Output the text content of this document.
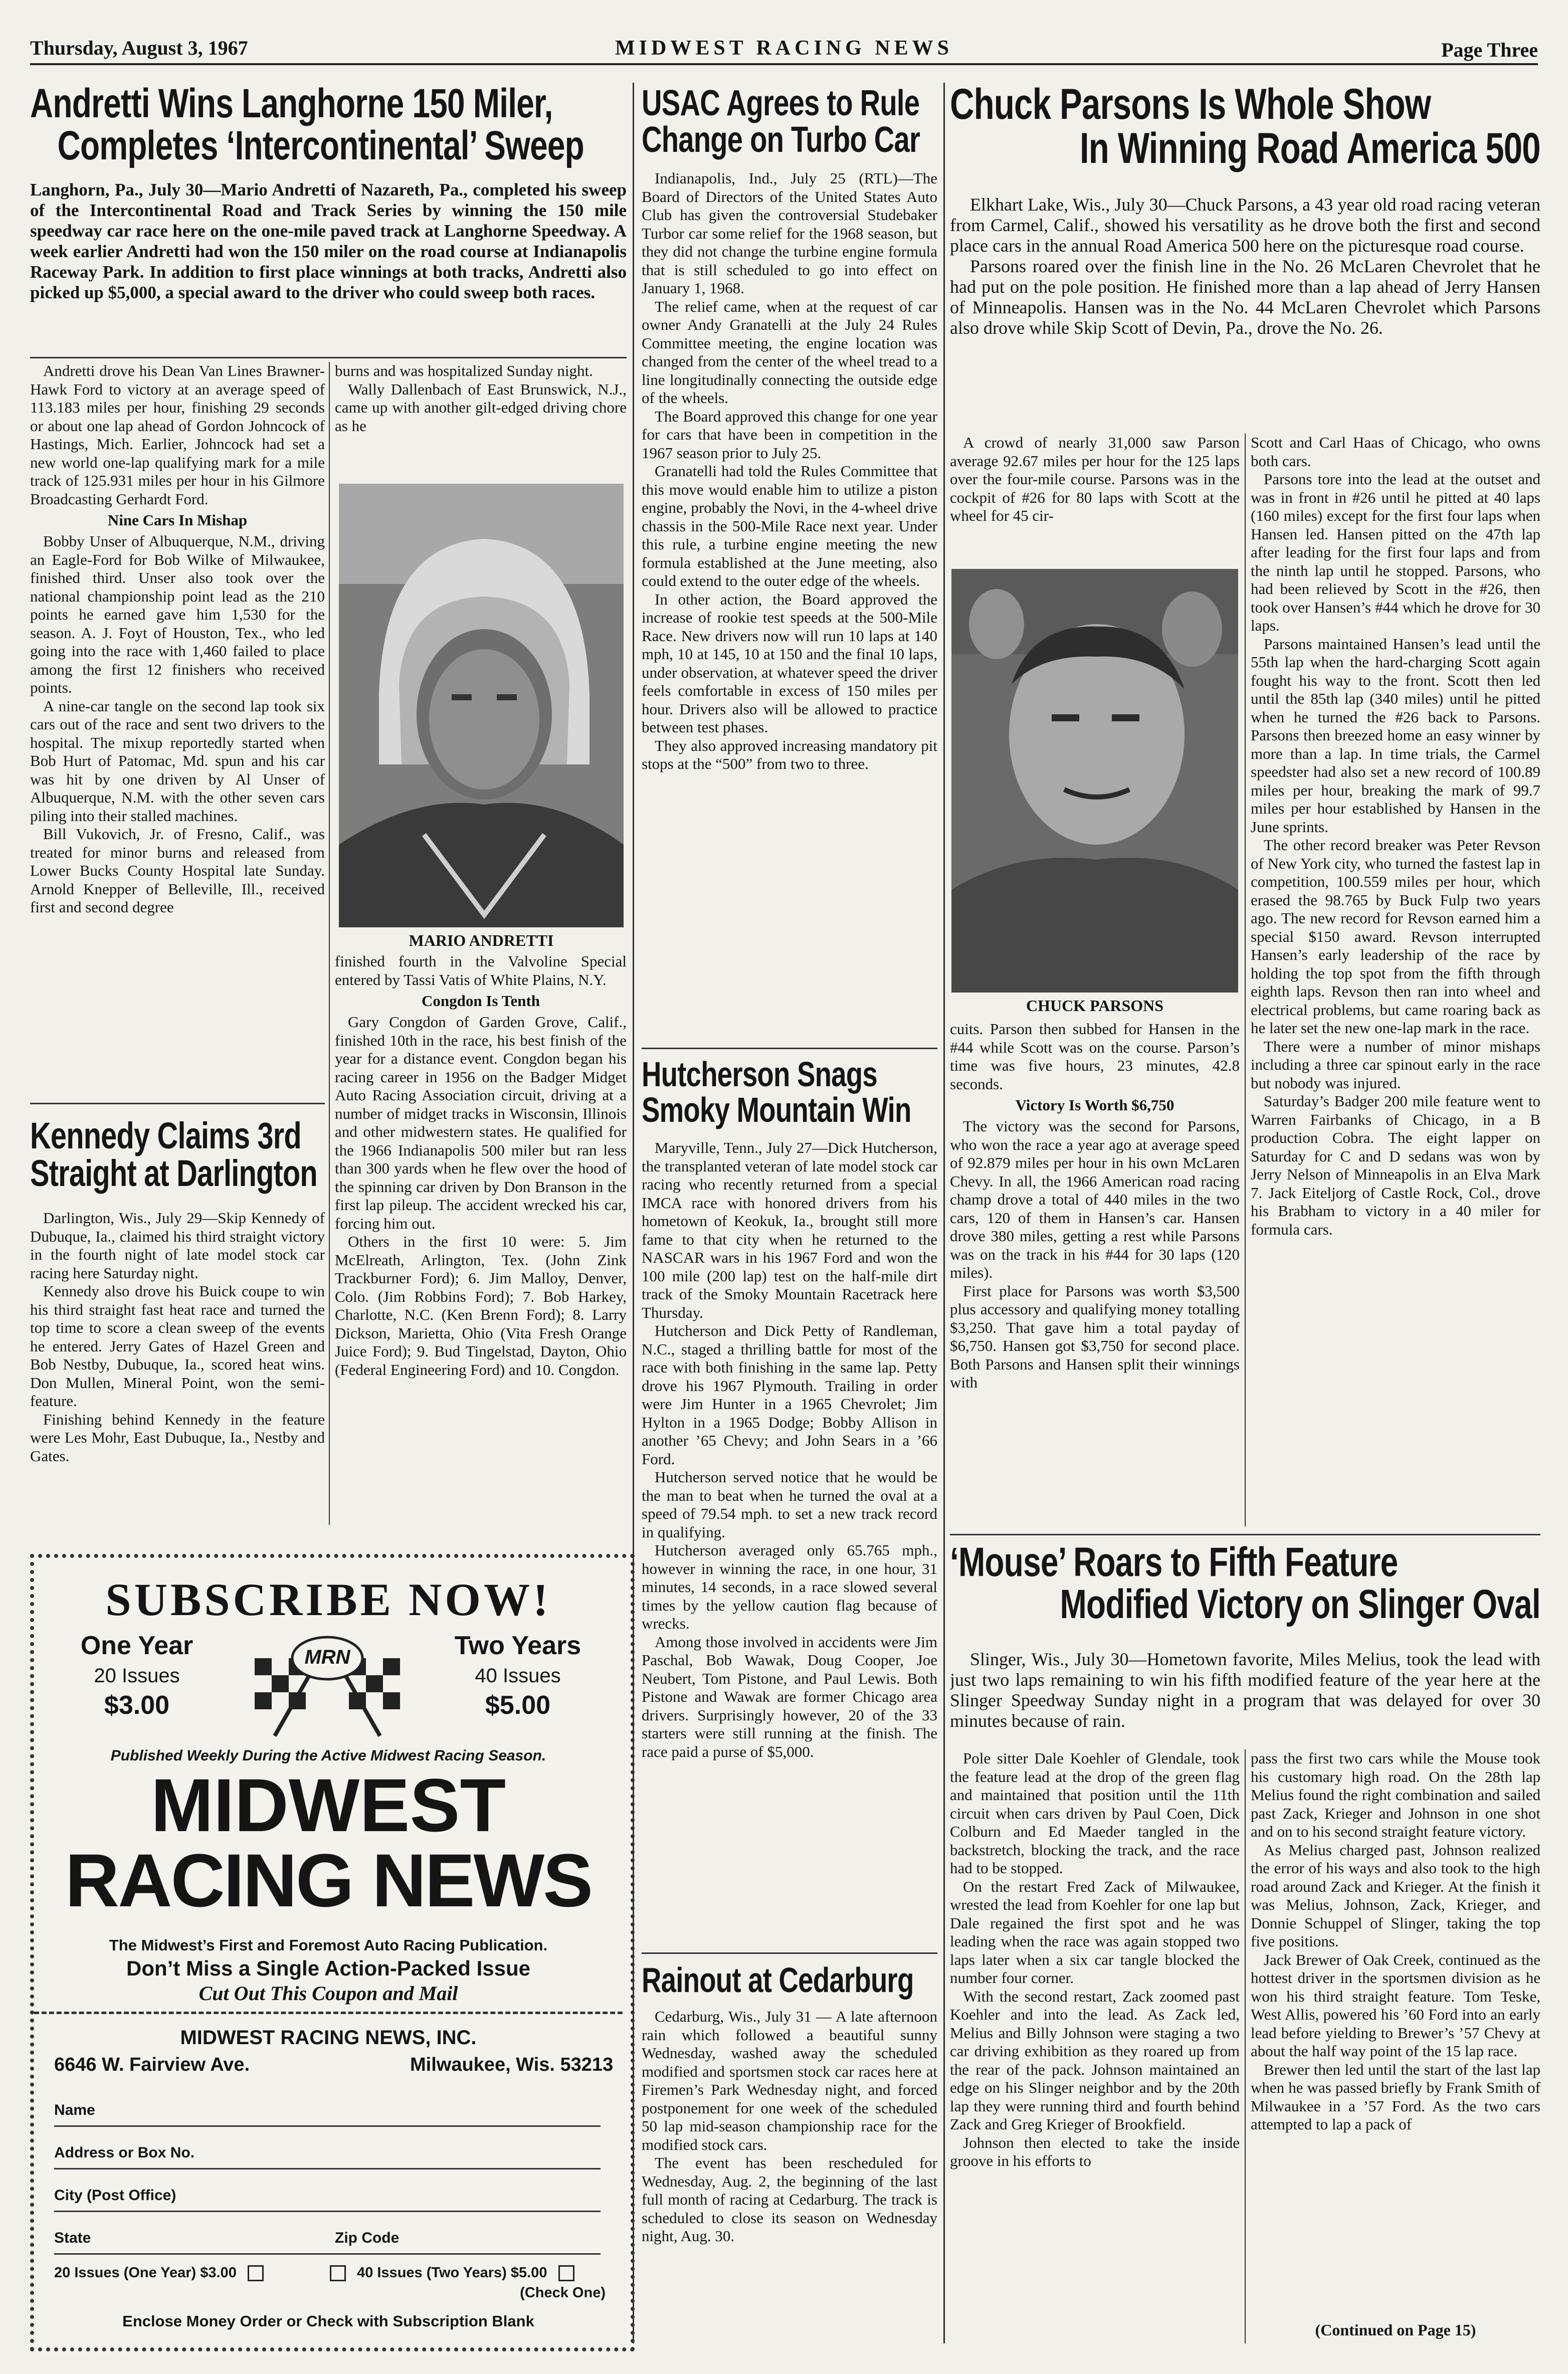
Thursday, August 3, 1967	MIDWEST RACING NEWS	Page Three
Andretti Wins Langhorne 150 Miler,
Completes ‘Intercontinental’ Sweep
Langhorn, Pa., July 30—Mario Andretti of Nazareth, Pa., completed his sweep of the Intercontinental Road and Track Series by winning the 150 mile speedway car race here on the one-mile paved track at Langhorne Speedway. A week earlier Andretti had won the 150 miler on the road course at Indianapolis Raceway Park. In addition to first place winnings at both tracks, Andretti also picked up $5,000, a special award to the driver who could sweep both races.

Andretti drove his Dean Van Lines Brawner-Hawk Ford to victory at an average speed of 113.183 miles per hour, finishing 29 seconds or about one lap ahead of Gordon Johncock of Hastings, Mich. Earlier, Johncock had set a new world one-lap qualifying mark for a mile track of 125.931 miles per hour in his Gilmore Broadcasting Gerhardt Ford.

Nine Cars In Mishap

Bobby Unser of Albuquerque, N.M., driving an Eagle-Ford for Bob Wilke of Milwaukee, finished third. Unser also took over the national championship point lead as the 210 points he earned gave him 1,530 for the season. A. J. Foyt of Houston, Tex., who led going into the race with 1,460 failed to place among the first 12 finishers who received points.

A nine-car tangle on the second lap took six cars out of the race and sent two drivers to the hospital. The mixup reportedly started when Bob Hurt of Patomac, Md. spun and his car was hit by one driven by Al Unser of Albuquerque, N.M. with the other seven cars piling into their stalled machines.

Bill Vukovich, Jr. of Fresno, Calif., was treated for minor burns and released from Lower Bucks County Hospital late Sunday. Arnold Knepper of Belleville, Ill., received first and second degree

burns and was hospitalized Sunday night.

Wally Dallenbach of East Brunswick, N.J., came up with another gilt-edged driving chore as he

MARIO ANDRETTI

finished fourth in the Valvoline Special entered by Tassi Vatis of White Plains, N.Y.

Congdon Is Tenth

Gary Congdon of Garden Grove, Calif., finished 10th in the race, his best finish of the year for a distance event. Congdon began his racing career in 1956 on the Badger Midget Auto Racing Association circuit, driving at a number of midget tracks in Wisconsin, Illinois and other midwestern states. He qualified for the 1966 Indianapolis 500 miler but ran less than 300 yards when he flew over the hood of the spinning car driven by Don Branson in the first lap pileup. The accident wrecked his car, forcing him out.

Others in the first 10 were: 5. Jim McElreath, Arlington, Tex. (John Zink Trackburner Ford); 6. Jim Malloy, Denver, Colo. (Jim Robbins Ford); 7. Bob Harkey, Charlotte, N.C. (Ken Brenn Ford); 8. Larry Dickson, Marietta, Ohio (Vita Fresh Orange Juice Ford); 9. Bud Tingelstad, Dayton, Ohio (Federal Engineering Ford) and 10. Congdon.

Kennedy Claims 3rd
Straight at Darlington

Darlington, Wis., July 29—Skip Kennedy of Dubuque, Ia., claimed his third straight victory in the fourth night of late model stock car racing here Saturday night.

Kennedy also drove his Buick coupe to win his third straight fast heat race and turned the top time to score a clean sweep of the events he entered. Jerry Gates of Hazel Green and Bob Nestby, Dubuque, Ia., scored heat wins. Don Mullen, Mineral Point, won the semi-feature.

Finishing behind Kennedy in the feature were Les Mohr, East Dubuque, Ia., Nestby and Gates.

SUBSCRIBE NOW!
One Year
20 Issues
$3.00
MRN	Two Years
40 Issues
$5.00
Published Weekly During the Active Midwest Racing Season.
MIDWEST
RACING NEWS
The Midwest’s First and Foremost Auto Racing Publication.
Don’t Miss a Single Action-Packed Issue
Cut Out This Coupon and Mail
MIDWEST RACING NEWS, INC.
6646 W. Fairview Ave.	Milwaukee, Wis. 53213
Name
Address or Box No.
City (Post Office)
State	Zip Code
20 Issues (One Year) $3.00	40 Issues (Two Years) $5.00
(Check One)
Enclose Money Order or Check with Subscription Blank
USAC Agrees to Rule
Change on Turbo Car

Indianapolis, Ind., July 25 (RTL)—The Board of Directors of the United States Auto Club has given the controversial Studebaker Turbor car some relief for the 1968 season, but they did not change the turbine engine formula that is still scheduled to go into effect on January 1, 1968.

The relief came, when at the request of car owner Andy Granatelli at the July 24 Rules Committee meeting, the engine location was changed from the center of the wheel tread to a line longitudinally connecting the outside edge of the wheels.

The Board approved this change for one year for cars that have been in competition in the 1967 season prior to July 25.

Granatelli had told the Rules Committee that this move would enable him to utilize a piston engine, probably the Novi, in the 4-wheel drive chassis in the 500-Mile Race next year. Under this rule, a turbine engine meeting the new formula established at the June meeting, also could extend to the outer edge of the wheels.

In other action, the Board approved the increase of rookie test speeds at the 500-Mile Race. New drivers now will run 10 laps at 140 mph, 10 at 145, 10 at 150 and the final 10 laps, under observation, at whatever speed the driver feels comfortable in excess of 150 miles per hour. Drivers also will be allowed to practice between test phases.

They also approved increasing mandatory pit stops at the “500” from two to three.

Hutcherson Snags
Smoky Mountain Win

Maryville, Tenn., July 27—Dick Hutcherson, the transplanted veteran of late model stock car racing who recently returned from a special IMCA race with honored drivers from his hometown of Keokuk, Ia., brought still more fame to that city when he returned to the NASCAR wars in his 1967 Ford and won the 100 mile (200 lap) test on the half-mile dirt track of the Smoky Mountain Racetrack here Thursday.

Hutcherson and Dick Petty of Randleman, N.C., staged a thrilling battle for most of the race with both finishing in the same lap. Petty drove his 1967 Plymouth. Trailing in order were Jim Hunter in a 1965 Chevrolet; Jim Hylton in a 1965 Dodge; Bobby Allison in another ’65 Chevy; and John Sears in a ’66 Ford.

Hutcherson served notice that he would be the man to beat when he turned the oval at a speed of 79.54 mph. to set a new track record in qualifying.

Hutcherson averaged only 65.765 mph., however in winning the race, in one hour, 31 minutes, 14 seconds, in a race slowed several times by the yellow caution flag because of wrecks.

Among those involved in accidents were Jim Paschal, Bob Wawak, Doug Cooper, Joe Neubert, Tom Pistone, and Paul Lewis. Both Pistone and Wawak are former Chicago area drivers. Surprisingly however, 20 of the 33 starters were still running at the finish. The race paid a purse of $5,000.

Rainout at Cedarburg

Cedarburg, Wis., July 31 — A late afternoon rain which followed a beautiful sunny Wednesday, washed away the scheduled modified and sportsmen stock car races here at Firemen’s Park Wednesday night, and forced postponement for one week of the scheduled 50 lap mid-season championship race for the modified stock cars.

The event has been rescheduled for Wednesday, Aug. 2, the beginning of the last full month of racing at Cedarburg. The track is scheduled to close its season on Wednesday night, Aug. 30.

Chuck Parsons Is Whole Show
In Winning Road America 500

Elkhart Lake, Wis., July 30—Chuck Parsons, a 43 year old road racing veteran from Carmel, Calif., showed his versatility as he drove both the first and second place cars in the annual Road America 500 here on the picturesque road course.

Parsons roared over the finish line in the No. 26 McLaren Chevrolet that he had put on the pole position. He finished more than a lap ahead of Jerry Hansen of Minneapolis. Hansen was in the No. 44 McLaren Chevrolet which Parsons also drove while Skip Scott of Devin, Pa., drove the No. 26.

A crowd of nearly 31,000 saw Parson average 92.67 miles per hour for the 125 laps over the four-mile course. Parsons was in the cockpit of #26 for 80 laps with Scott at the wheel for 45 cir-

CHUCK PARSONS

cuits. Parson then subbed for Hansen in the #44 while Scott was on the course. Parson’s time was five hours, 23 minutes, 42.8 seconds.

Victory Is Worth $6,750

The victory was the second for Parsons, who won the race a year ago at average speed of 92.879 miles per hour in his own McLaren Chevy. In all, the 1966 American road racing champ drove a total of 440 miles in the two cars, 120 of them in Hansen’s car. Hansen drove 380 miles, getting a rest while Parsons was on the track in his #44 for 30 laps (120 miles).

First place for Parsons was worth $3,500 plus accessory and qualifying money totalling $3,250. That gave him a total payday of $6,750. Hansen got $3,750 for second place. Both Parsons and Hansen split their winnings with

Scott and Carl Haas of Chicago, who owns both cars.

Parsons tore into the lead at the outset and was in front in #26 until he pitted at 40 laps (160 miles) except for the first four laps when Hansen led. Hansen pitted on the 47th lap after leading for the first four laps and from the ninth lap until he stopped. Parsons, who had been relieved by Scott in the #26, then took over Hansen’s #44 which he drove for 30 laps.

Parsons maintained Hansen’s lead until the 55th lap when the hard-charging Scott again fought his way to the front. Scott then led until the 85th lap (340 miles) until he pitted when he turned the #26 back to Parsons. Parsons then breezed home an easy winner by more than a lap. In time trials, the Carmel speedster had also set a new record of 100.89 miles per hour, breaking the mark of 99.7 miles per hour established by Hansen in the June sprints.

The other record breaker was Peter Revson of New York city, who turned the fastest lap in competition, 100.559 miles per hour, which erased the 98.765 by Buck Fulp two years ago. The new record for Revson earned him a special $150 award. Revson interrupted Hansen’s early leadership of the race by holding the top spot from the fifth through eighth laps. Revson then ran into wheel and electrical problems, but came roaring back as he later set the new one-lap mark in the race.

There were a number of minor mishaps including a three car spinout early in the race but nobody was injured.

Saturday’s Badger 200 mile feature went to Warren Fairbanks of Chicago, in a B production Cobra. The eight lapper on Saturday for C and D sedans was won by Jerry Nelson of Minneapolis in an Elva Mark 7. Jack Eiteljorg of Castle Rock, Col., drove his Brabham to victory in a 40 miler for formula cars.

‘Mouse’ Roars to Fifth Feature
Modified Victory on Slinger Oval

Slinger, Wis., July 30—Hometown favorite, Miles Melius, took the lead with just two laps remaining to win his fifth modified feature of the year here at the Slinger Speedway Sunday night in a program that was delayed for over 30 minutes because of rain.

Pole sitter Dale Koehler of Glendale, took the feature lead at the drop of the green flag and maintained that position until the 11th circuit when cars driven by Paul Coen, Dick Colburn and Ed Maeder tangled in the backstretch, blocking the track, and the race had to be stopped.

On the restart Fred Zack of Milwaukee, wrested the lead from Koehler for one lap but Dale regained the first spot and he was leading when the race was again stopped two laps later when a six car tangle blocked the number four corner.

With the second restart, Zack zoomed past Koehler and into the lead. As Zack led, Melius and Billy Johnson were staging a two car driving exhibition as they roared up from the rear of the pack. Johnson maintained an edge on his Slinger neighbor and by the 20th lap they were running third and fourth behind Zack and Greg Krieger of Brookfield.

Johnson then elected to take the inside groove in his efforts to

pass the first two cars while the Mouse took his customary high road. On the 28th lap Melius found the right combination and sailed past Zack, Krieger and Johnson in one shot and on to his second straight feature victory.

As Melius charged past, Johnson realized the error of his ways and also took to the high road around Zack and Krieger. At the finish it was Melius, Johnson, Zack, Krieger, and Donnie Schuppel of Slinger, taking the top five positions.

Jack Brewer of Oak Creek, continued as the hottest driver in the sportsmen division as he won his third straight feature. Tom Teske, West Allis, powered his ’60 Ford into an early lead before yielding to Brewer’s ’57 Chevy at about the half way point of the 15 lap race.

Brewer then led until the start of the last lap when he was passed briefly by Frank Smith of Milwaukee in a ’57 Ford. As the two cars attempted to lap a pack of

(Continued on Page 15)
